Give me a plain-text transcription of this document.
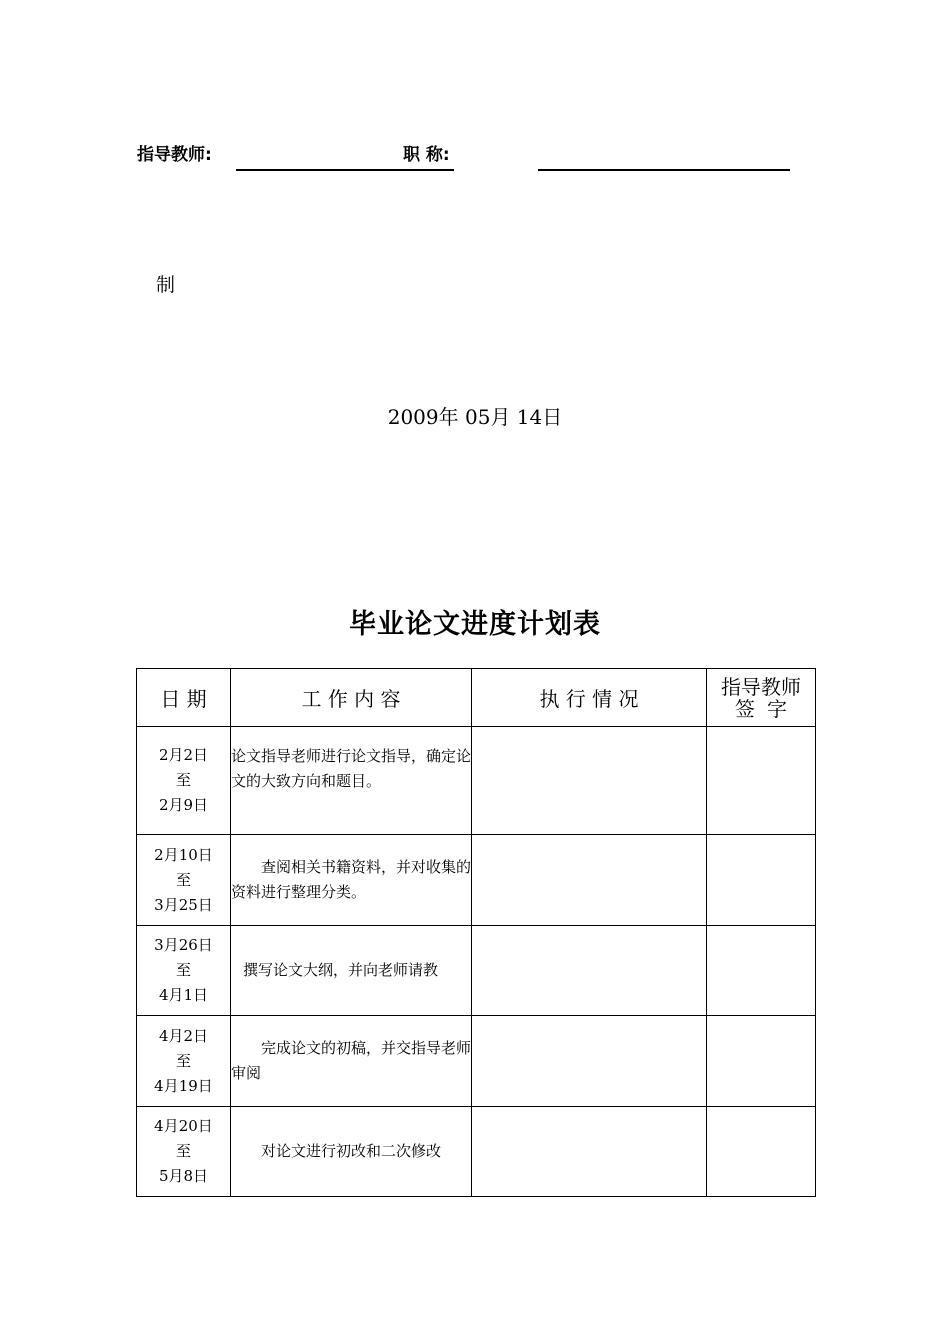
指导教师:	职 称:
制
2009年 05月 14日
毕业论文进度计划表
日 期	工 作 内 容	执 行 情 况	指导教师
签 字

2月2日
至
2月9日	论文指导老师进行论文指导，确定论文的大致方向和题目。		

2月10日
至
3月25日	查阅相关书籍资料，并对收集的资料进行整理分类。		

3月26日
至
4月1日	撰写论文大纲，并向老师请教		

4月2日
至
4月19日	完成论文的初稿，并交指导老师审阅		

4月20日
至
5月8日	对论文进行初改和二次修改		
